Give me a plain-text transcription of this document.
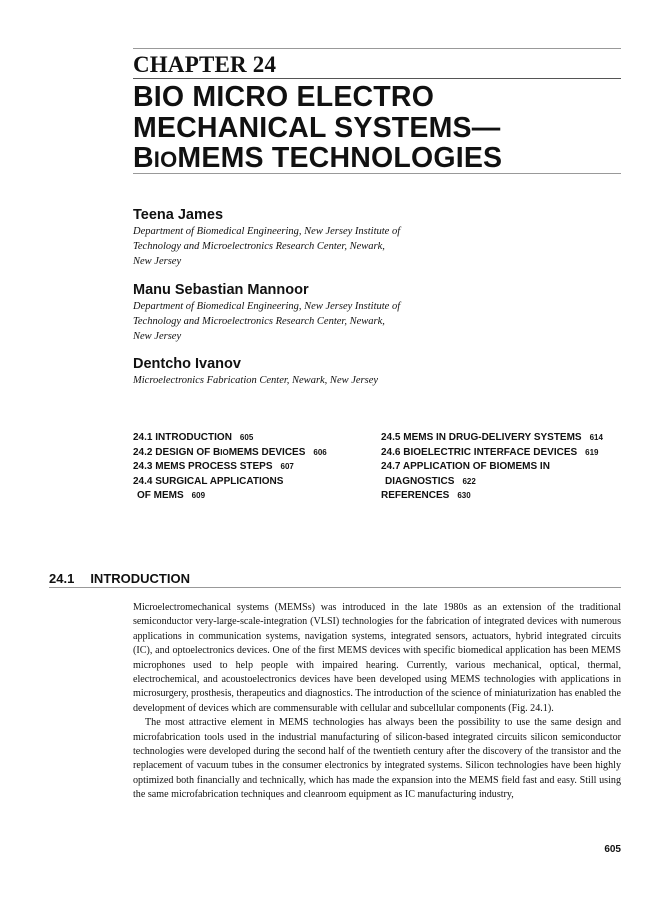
CHAPTER 24
BIO MICRO ELECTRO
MECHANICAL SYSTEMS—
BIOMEMS TECHNOLOGIES
Teena James
Department of Biomedical Engineering, New Jersey Institute of
Technology and Microelectronics Research Center, Newark,
New Jersey
Manu Sebastian Mannoor
Department of Biomedical Engineering, New Jersey Institute of
Technology and Microelectronics Research Center, Newark,
New Jersey
Dentcho Ivanov
Microelectronics Fabrication Center, Newark, New Jersey
24.1 INTRODUCTION 605
24.2 DESIGN OF BIOMEMS DEVICES 606
24.3 MEMS PROCESS STEPS 607
24.4 SURGICAL APPLICATIONS
OF MEMS 609
24.5 MEMS IN DRUG-DELIVERY SYSTEMS 614
24.6 BIOELECTRIC INTERFACE DEVICES 619
24.7 APPLICATION OF BIOMEMS IN
DIAGNOSTICS 622
REFERENCES 630
24.1 INTRODUCTION

Microelectromechanical systems (MEMSs) was introduced in the late 1980s as an extension of the traditional semiconductor very-large-scale-integration (VLSI) technologies for the fabrication of integrated devices with numerous applications in communication systems, navigation systems, integrated sensors, actuators, hybrid integrated circuits (IC), and optoelectronics devices. One of the first MEMS devices with specific biomedical application has been MEMS microphones used to help people with impaired hearing. Currently, various mechanical, optical, thermal, electrochemical, and acoustoelectronics devices have been developed using MEMS technologies with applications in microsurgery, prosthesis, therapeutics and diagnostics. The introduction of the science of miniaturization has enabled the development of devices which are commensurable with cellular and subcellular components (Fig. 24.1).

The most attractive element in MEMS technologies has always been the possibility to use the same design and microfabrication tools used in the industrial manufacturing of silicon-based integrated circuits silicon semiconductor technologies were developed during the second half of the twentieth century after the discovery of the transistor and the replacement of vacuum tubes in the consumer electronics by integrated systems. Silicon technologies have been highly optimized both financially and technically, which has made the expansion into the MEMS field fast and easy. Still using the same microfabrication techniques and cleanroom equipment as IC manufacturing industry,

605
